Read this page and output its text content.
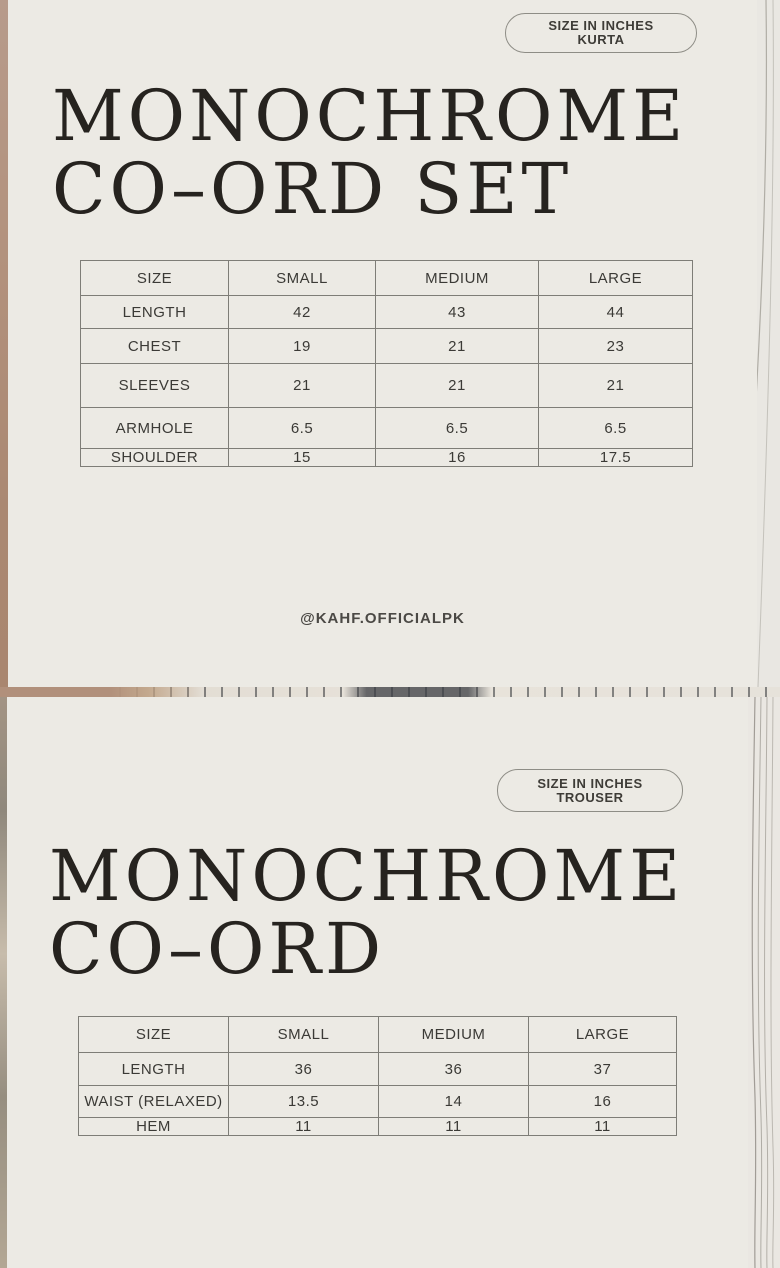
SIZE IN INCHES
KURTA
MONOCHROME
CO–ORD SET
SIZE	SMALL	MEDIUM	LARGE
LENGTH	42	43	44
CHEST	19	21	23
SLEEVES	21	21	21
ARMHOLE	6.5	6.5	6.5
SHOULDER	15	16	17.5
@KAHF.OFFICIALPK
SIZE IN INCHES
TROUSER
MONOCHROME
CO–ORD
SIZE	SMALL	MEDIUM	LARGE
LENGTH	36	36	37
WAIST (RELAXED)	13.5	14	16
HEM	11	11	11
